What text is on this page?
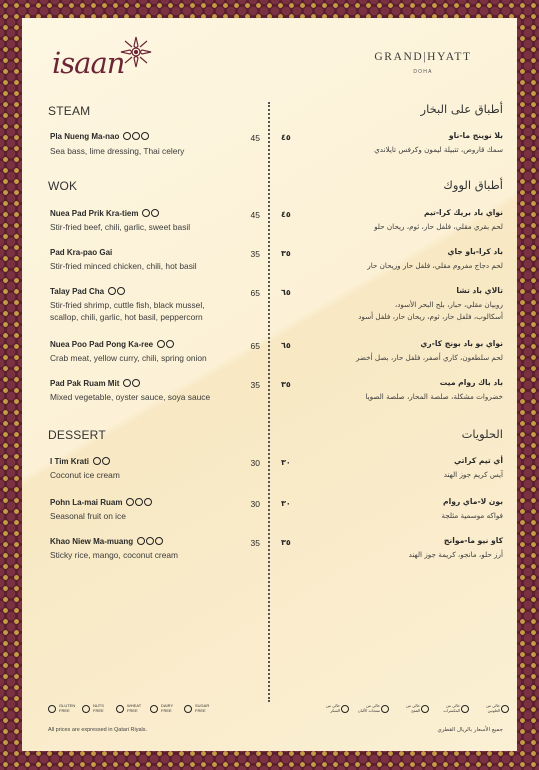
isaan	GRAND|HYATT
DOHA
STEAM	أطباق على البخار
Pla Nueng Ma-nao
Sea bass, lime dressing, Thai celery
45	٤٥	بلا نوينج ما-ناو
سمك قاروص، تتبيلة ليمون وكرفس تايلاندي
WOK	أطباق الووك
Nuea Pad Prik Kra-tiem
Stir-fried beef, chili, garlic, sweet basil
45	٤٥	نواي باد بريك كرا-تيم
لحم بقري مقلي، فلفل حار، ثوم، ريحان حلو
Pad Kra-pao Gai
Stir-fried minced chicken, chili, hot basil
35	٣٥	باد كرا-باو جاي
لحم دجاج مفروم مقلي، فلفل حار وريحان حار
Talay Pad Cha
Stir-fried shrimp, cuttle fish, black mussel,
scallop, chili, garlic, hot basil, peppercorn
65	٦٥	تالاي باد تشا
روبيان مقلي، حبار، بلح البحر الأسود،
أسكالوب، فلفل حار، ثوم، ريحان حار، فلفل أسود
Nuea Poo Pad Pong Ka-ree
Crab meat, yellow curry, chili, spring onion
65	٦٥	نواي بو باد بونج كا-ري
لحم سلطعون، كاري أصفر، فلفل حار، بصل أخضر
Pad Pak Ruam Mit
Mixed vegetable, oyster sauce, soya sauce
35	٣٥	باد باك روام ميت
خضروات مشكلة، صلصة المحار، صلصة الصويا
DESSERT	الحلويات
I Tim Krati
Coconut ice cream
30	٣٠	أي تيم كراتي
آيس كريم جوز الهند
Pohn La-mai Ruam
Seasonal fruit on ice
30	٣٠	بون لا-ماي روام
فواكه موسمية مثلجة
Khao Niew Ma-muang
Sticky rice, mango, coconut cream
35	٣٥	كاو نيو ما-موانج
أرز حلو، مانجو، كريمة جوز الهند
GLUTEN
FREE
NUTS
FREE
WHEAT
FREE
DAIRY
FREE
SUGAR
FREE
خالي من
السكر
خالي من
منتجات الألبان
خالي من
القمح
خالي من
المكسرات
خالي من
الغلوتين
All prices are expressed in Qatari Riyals.	جميع الأسعار بالريال القطري
